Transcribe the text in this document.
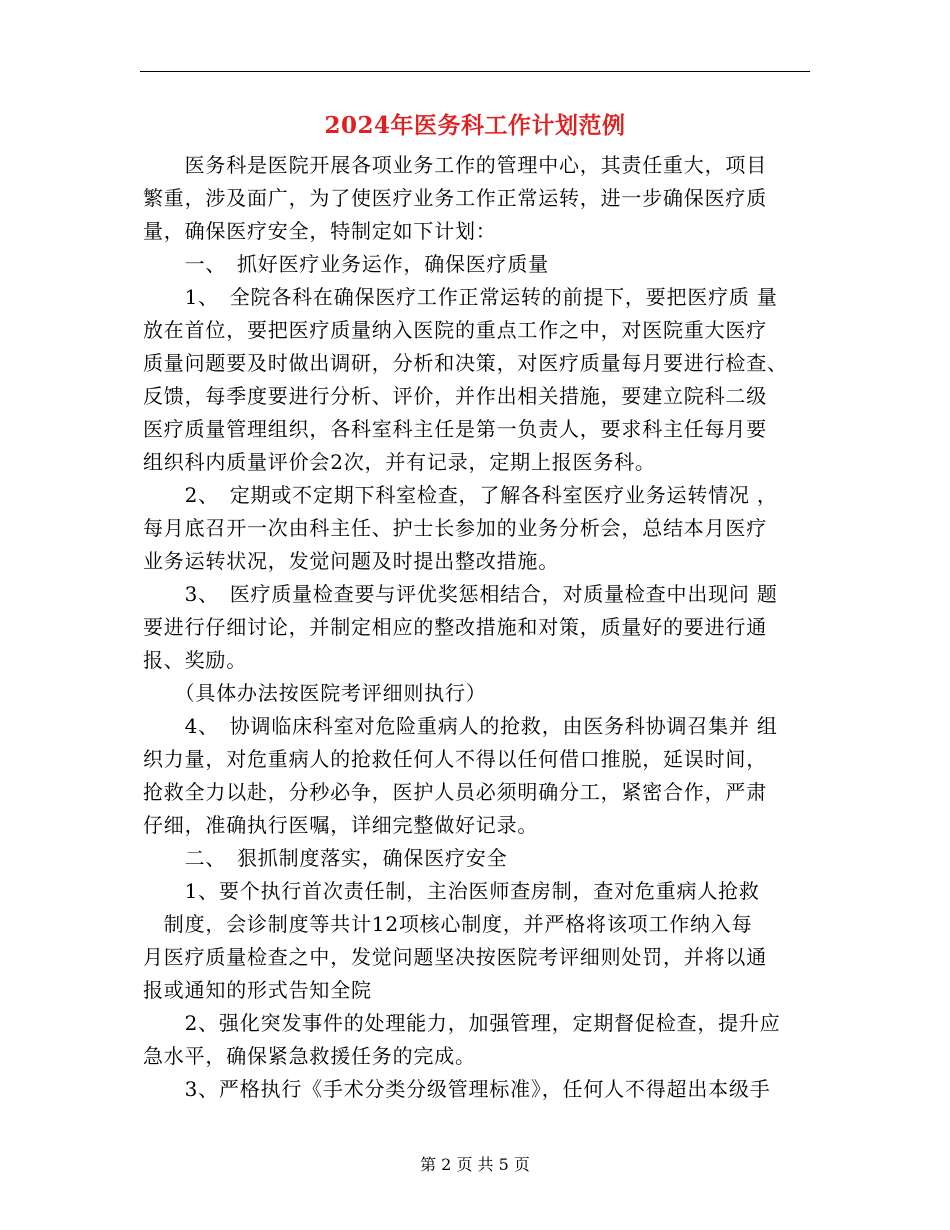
2024年医务科工作计划范例
　　医务科是医院开展各项业务工作的管理中心，其责任重大，项目
繁重，涉及面广，为了使医疗业务工作正常运转，进一步确保医疗质
量，确保医疗安全，特制定如下计划：
　　一、　抓好医疗业务运作，确保医疗质量
　　1、　全院各科在确保医疗工作正常运转的前提下，要把医疗质 量
放在首位，要把医疗质量纳入医院的重点工作之中，对医院重大医疗
质量问题要及时做出调研，分析和决策，对医疗质量每月要进行检查、
反馈，每季度要进行分析、评价，并作出相关措施，要建立院科二级
医疗质量管理组织，各科室科主任是第一负责人，要求科主任每月要
组织科内质量评价会2次，并有记录，定期上报医务科。
　　2、　定期或不定期下科室检查，了解各科室医疗业务运转情况 ，
每月底召开一次由科主任、护士长参加的业务分析会，总结本月医疗
业务运转状况，发觉问题及时提出整改措施。
　　3、　医疗质量检查要与评优奖惩相结合，对质量检查中出现问 题
要进行仔细讨论，并制定相应的整改措施和对策，质量好的要进行通
报、奖励。
　　（具体办法按医院考评细则执行）
　　4、　协调临床科室对危险重病人的抢救，由医务科协调召集并 组
织力量，对危重病人的抢救任何人不得以任何借口推脱，延误时间，
抢救全力以赴，分秒必争，医护人员必须明确分工，紧密合作，严肃
仔细，准确执行医嘱，详细完整做好记录。
　　二、　狠抓制度落实，确保医疗安全
　　1、要个执行首次责任制，主治医师查房制，查对危重病人抢救
　制度，会诊制度等共计12项核心制度，并严格将该项工作纳入每
月医疗质量检查之中，发觉问题坚决按医院考评细则处罚，并将以通
报或通知的形式告知全院
　　2、强化突发事件的处理能力，加强管理，定期督促检查，提升应
急水平，确保紧急救援任务的完成。
　　3、严格执行《手术分类分级管理标准》，任何人不得超出本级手
第 2 页 共 5 页
